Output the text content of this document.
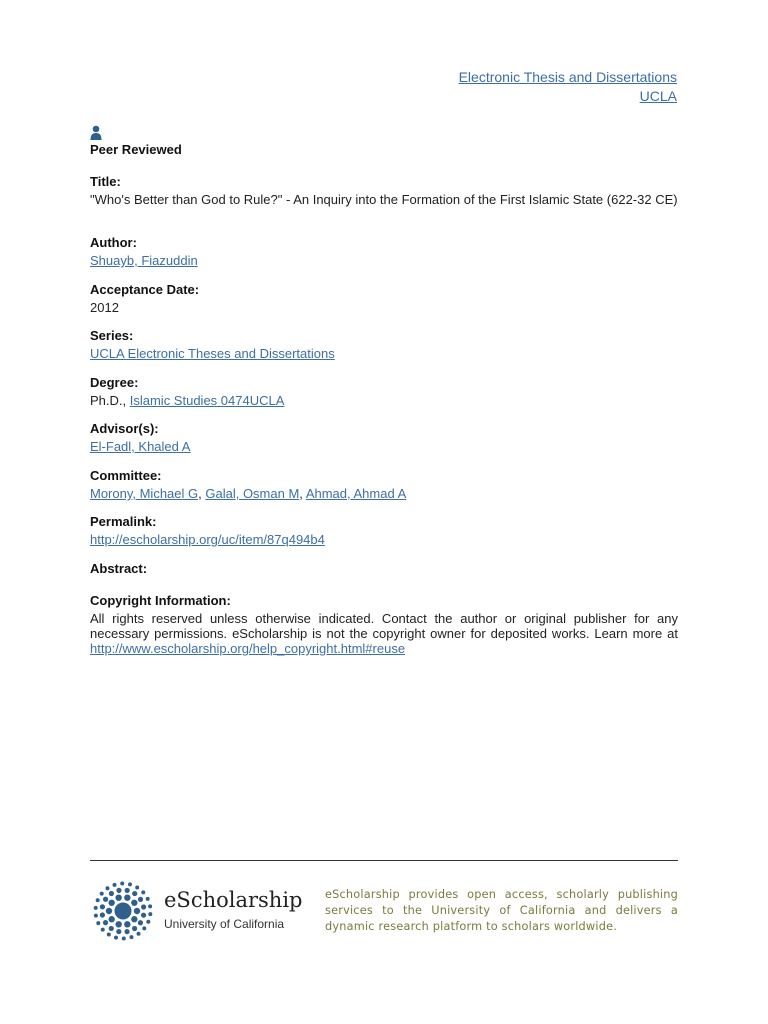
Electronic Thesis and Dissertations
UCLA
Peer Reviewed
Title:
"Who's Better than God to Rule?" - An Inquiry into the Formation of the First Islamic State (622-32 CE)
Author:
Shuayb, Fiazuddin
Acceptance Date:
2012
Series:
UCLA Electronic Theses and Dissertations
Degree:
Ph.D., Islamic Studies 0474UCLA
Advisor(s):
El-Fadl, Khaled A
Committee:
Morony, Michael G, Galal, Osman M, Ahmad, Ahmad A
Permalink:
http://escholarship.org/uc/item/87q494b4
Abstract:
Copyright Information:
All rights reserved unless otherwise indicated. Contact the author or original publisher for any necessary permissions. eScholarship is not the copyright owner for deposited works. Learn more at http://www.escholarship.org/help_copyright.html#reuse
eScholarship
University of California
eScholarship provides open access, scholarly publishing services to the University of California and delivers a dynamic research platform to scholars worldwide.
